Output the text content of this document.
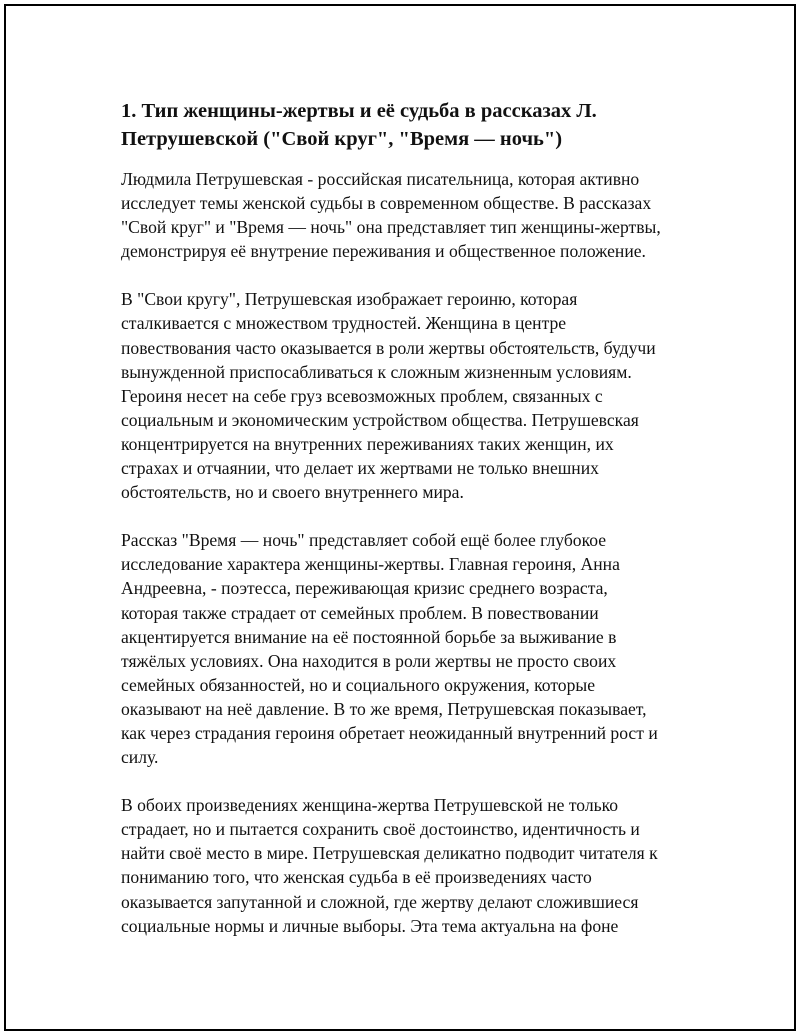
1. Тип женщины-жертвы и её судьба в рассказах Л.
Петрушевской ("Свой круг", "Время — ночь")

Людмила Петрушевская - российская писательница, которая активно
исследует темы женской судьбы в современном обществе. В рассказах
"Свой круг" и "Время — ночь" она представляет тип женщины-жертвы,
демонстрируя её внутрение переживания и общественное положение.

В "Свои кругу", Петрушевская изображает героиню, которая
сталкивается с множеством трудностей. Женщина в центре
повествования часто оказывается в роли жертвы обстоятельств, будучи
вынужденной приспосабливаться к сложным жизненным условиям.
Героиня несет на себе груз всевозможных проблем, связанных с
социальным и экономическим устройством общества. Петрушевская
концентрируется на внутренних переживаниях таких женщин, их
страхах и отчаянии, что делает их жертвами не только внешних
обстоятельств, но и своего внутреннего мира.

Рассказ "Время — ночь" представляет собой ещё более глубокое
исследование характера женщины-жертвы. Главная героиня, Анна
Андреевна, - поэтесса, переживающая кризис среднего возраста,
которая также страдает от семейных проблем. В повествовании
акцентируется внимание на её постоянной борьбе за выживание в
тяжёлых условиях. Она находится в роли жертвы не просто своих
семейных обязанностей, но и социального окружения, которые
оказывают на неё давление. В то же время, Петрушевская показывает,
как через страдания героиня обретает неожиданный внутренний рост и
силу.

В обоих произведениях женщина-жертва Петрушевской не только
страдает, но и пытается сохранить своё достоинство, идентичность и
найти своё место в мире. Петрушевская деликатно подводит читателя к
пониманию того, что женская судьба в её произведениях часто
оказывается запутанной и сложной, где жертву делают сложившиеся
социальные нормы и личные выборы. Эта тема актуальна на фоне
